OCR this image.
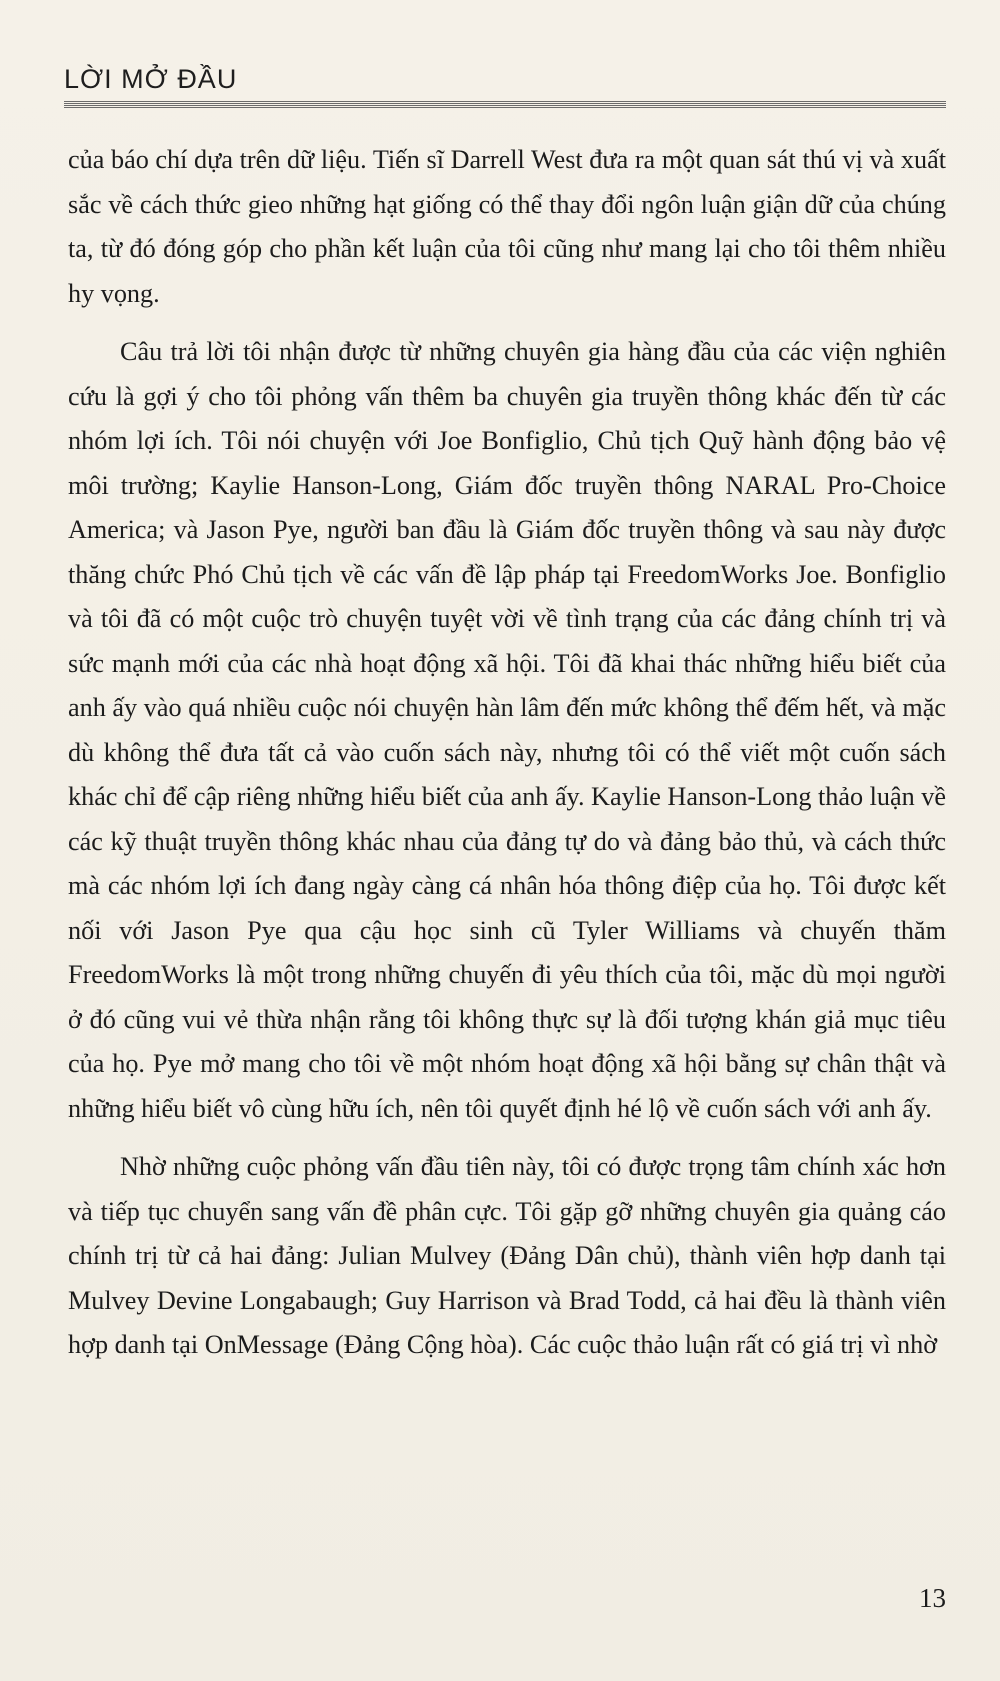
LỜI MỞ ĐẦU

của báo chí dựa trên dữ liệu. Tiến sĩ Darrell West đưa ra một quan sát thú vị và xuất sắc về cách thức gieo những hạt giống có thể thay đổi ngôn luận giận dữ của chúng ta, từ đó đóng góp cho phần kết luận của tôi cũng như mang lại cho tôi thêm nhiều hy vọng.

Câu trả lời tôi nhận được từ những chuyên gia hàng đầu của các viện nghiên cứu là gợi ý cho tôi phỏng vấn thêm ba chuyên gia truyền thông khác đến từ các nhóm lợi ích. Tôi nói chuyện với Joe Bonfiglio, Chủ tịch Quỹ hành động bảo vệ môi trường; Kaylie Hanson-Long, Giám đốc truyền thông NARAL Pro-Choice America; và Jason Pye, người ban đầu là Giám đốc truyền thông và sau này được thăng chức Phó Chủ tịch về các vấn đề lập pháp tại FreedomWorks Joe. Bonfiglio và tôi đã có một cuộc trò chuyện tuyệt vời về tình trạng của các đảng chính trị và sức mạnh mới của các nhà hoạt động xã hội. Tôi đã khai thác những hiểu biết của anh ấy vào quá nhiều cuộc nói chuyện hàn lâm đến mức không thể đếm hết, và mặc dù không thể đưa tất cả vào cuốn sách này, nhưng tôi có thể viết một cuốn sách khác chỉ để cập riêng những hiểu biết của anh ấy. Kaylie Hanson-Long thảo luận về các kỹ thuật truyền thông khác nhau của đảng tự do và đảng bảo thủ, và cách thức mà các nhóm lợi ích đang ngày càng cá nhân hóa thông điệp của họ. Tôi được kết nối với Jason Pye qua cậu học sinh cũ Tyler Williams và chuyến thăm FreedomWorks là một trong những chuyến đi yêu thích của tôi, mặc dù mọi người ở đó cũng vui vẻ thừa nhận rằng tôi không thực sự là đối tượng khán giả mục tiêu của họ. Pye mở mang cho tôi về một nhóm hoạt động xã hội bằng sự chân thật và những hiểu biết vô cùng hữu ích, nên tôi quyết định hé lộ về cuốn sách với anh ấy.

Nhờ những cuộc phỏng vấn đầu tiên này, tôi có được trọng tâm chính xác hơn và tiếp tục chuyển sang vấn đề phân cực. Tôi gặp gỡ những chuyên gia quảng cáo chính trị từ cả hai đảng: Julian Mulvey (Đảng Dân chủ), thành viên hợp danh tại Mulvey Devine Longabaugh; Guy Harrison và Brad Todd, cả hai đều là thành viên hợp danh tại OnMessage (Đảng Cộng hòa). Các cuộc thảo luận rất có giá trị vì nhờ

13
